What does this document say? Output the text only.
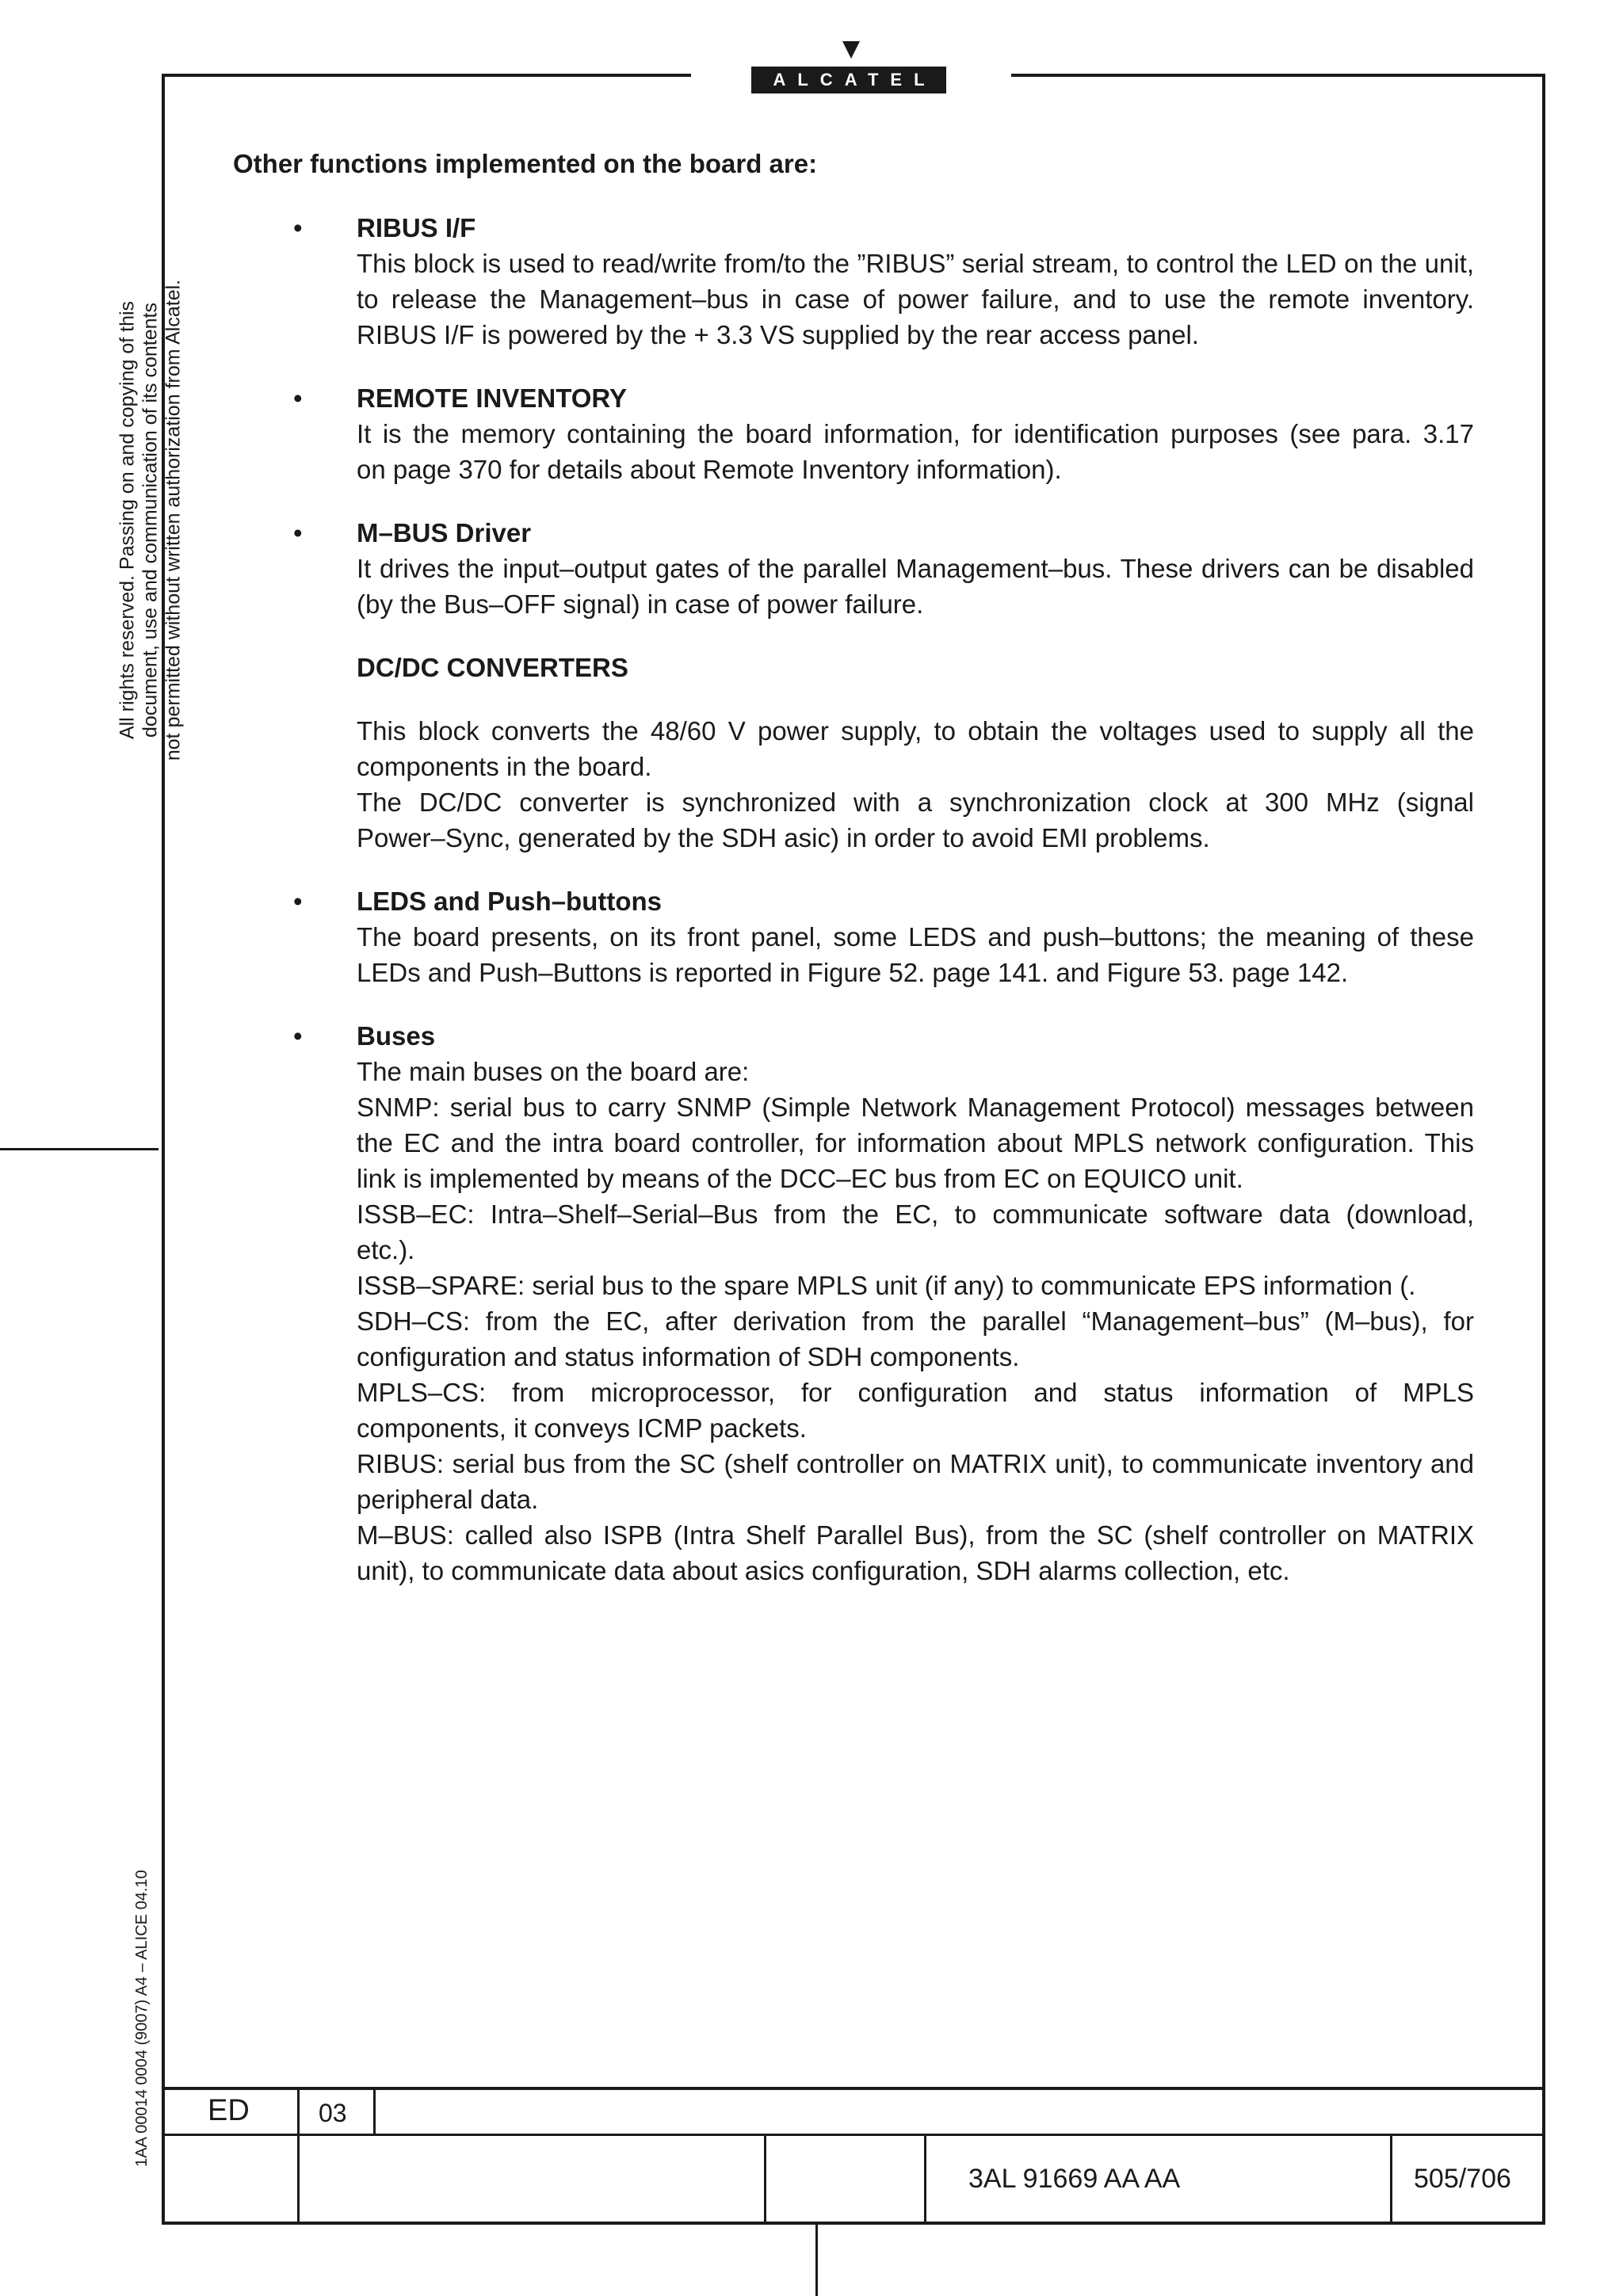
ALCATEL
All rights reserved. Passing on and copying of this document, use and communication of its contents not permitted without written authorization from Alcatel.
1AA 00014 0004 (9007) A4 – ALICE 04.10
Other functions implemented on the board are:
• RIBUS I/F
This block is used to read/write from/to the ”RIBUS” serial stream, to control the LED on the unit,
to release the Management–bus in case of power failure, and to use the remote inventory.
RIBUS I/F is powered by the + 3.3 VS supplied by the rear access panel.
• REMOTE INVENTORY
It is the memory containing the board information, for identification purposes (see para. 3.17
on page 370 for details about Remote Inventory information).
• M–BUS Driver
It drives the input–output gates of the parallel Management–bus. These drivers can be disabled
(by the Bus–OFF signal) in case of power failure.
DC/DC CONVERTERS
This block converts the 48/60 V power supply, to obtain the voltages used to supply all the
components in the board.
The DC/DC converter is synchronized with a synchronization clock at 300 MHz (signal
Power–Sync, generated by the SDH asic) in order to avoid EMI problems.
• LEDS and Push–buttons
The board presents, on its front panel, some LEDS and push–buttons; the meaning of these
LEDs and Push–Buttons is reported in Figure 52. page 141. and Figure 53. page 142.
• Buses
The main buses on the board are:
SNMP: serial bus to carry SNMP (Simple Network Management Protocol) messages between
the EC and the intra board controller, for information about MPLS network configuration. This
link is implemented by means of the DCC–EC bus from EC on EQUICO unit.
ISSB–EC: Intra–Shelf–Serial–Bus from the EC, to communicate software data (download,
etc.).
ISSB–SPARE: serial bus to the spare MPLS unit (if any) to communicate EPS information (.
SDH–CS: from the EC, after derivation from the parallel “Management–bus” (M–bus), for
configuration and status information of SDH components.
MPLS–CS: from microprocessor, for configuration and status information of MPLS
components, it conveys ICMP packets.
RIBUS: serial bus from the SC (shelf controller on MATRIX unit), to communicate inventory and
peripheral data.
M–BUS: called also ISPB (Intra Shelf Parallel Bus), from the SC (shelf controller on MATRIX
unit), to communicate data about asics configuration, SDH alarms collection, etc.
ED	03
3AL 91669 AA AA	505/706
